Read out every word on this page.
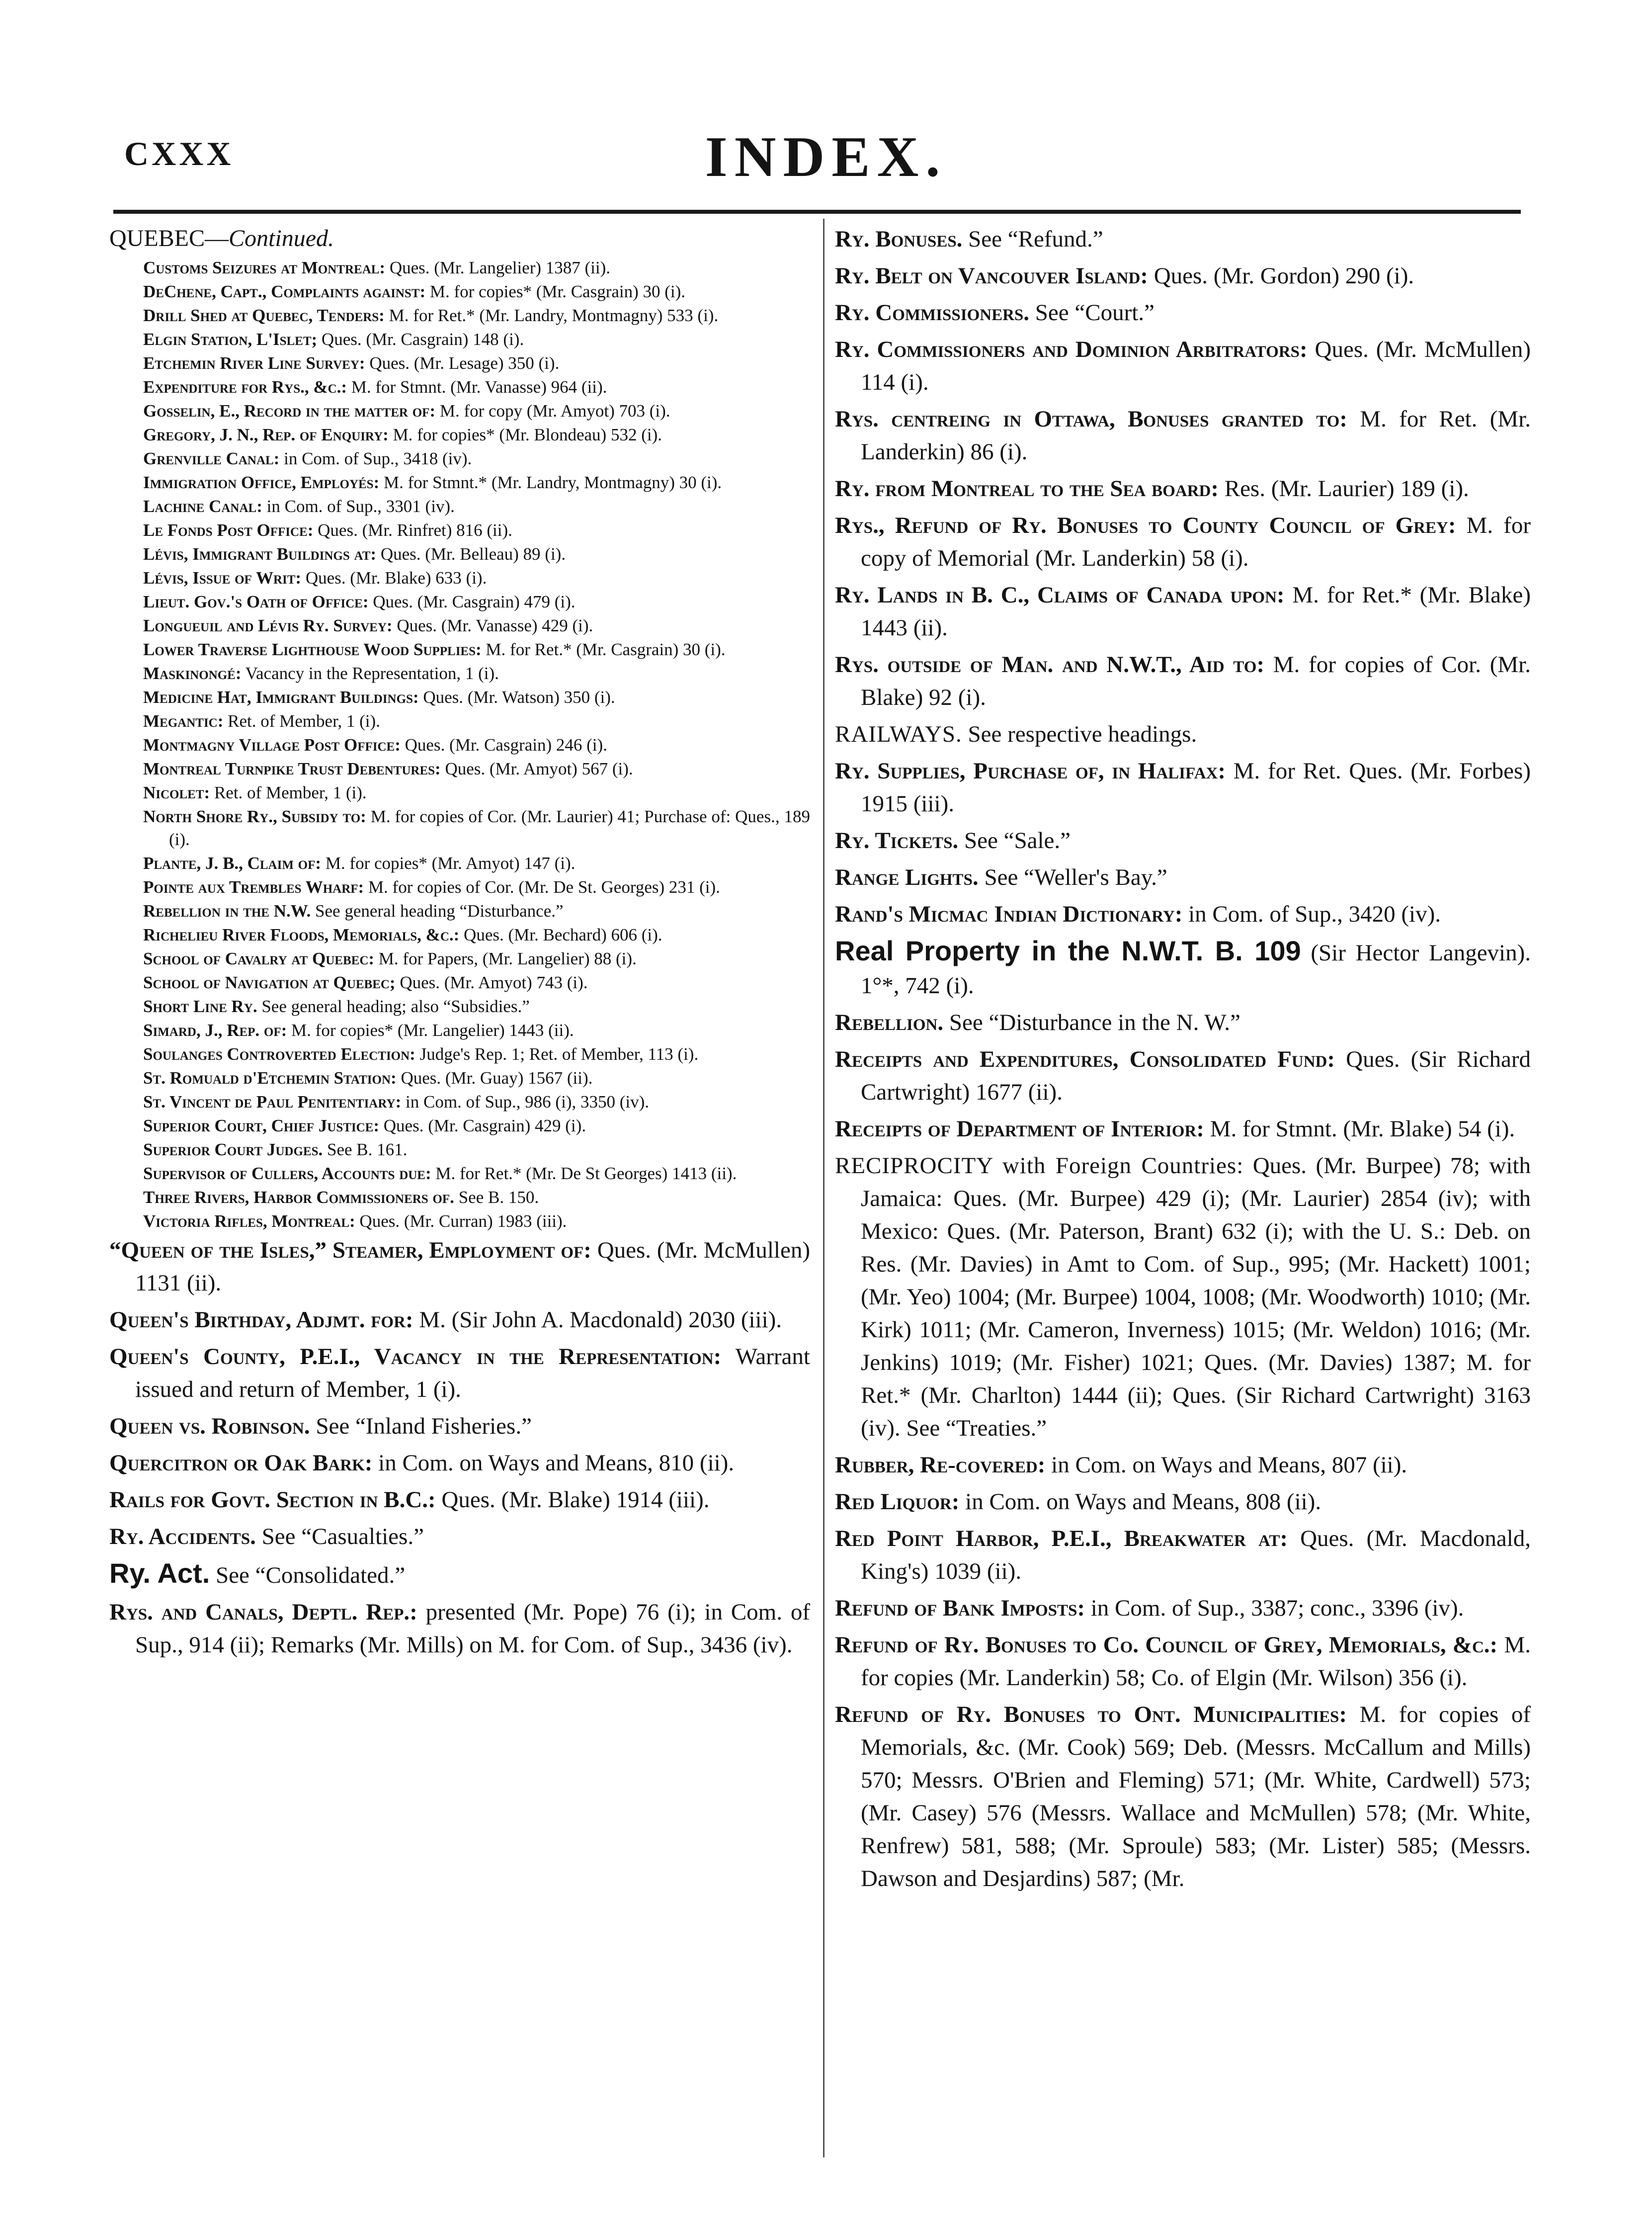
CXXX	INDEX.
QUEBEC—Continued.
Customs Seizures at Montreal: Ques. (Mr. Langelier) 1387 (ii).
DeChene, Capt., Complaints against: M. for copies* (Mr. Casgrain) 30 (i).
Drill Shed at Quebec, Tenders: M. for Ret.* (Mr. Landry, Montmagny) 533 (i).
Elgin Station, L'Islet; Ques. (Mr. Casgrain) 148 (i).
Etchemin River Line Survey: Ques. (Mr. Lesage) 350 (i).
Expenditure for Rys., &c.: M. for Stmnt. (Mr. Vanasse) 964 (ii).
Gosselin, E., Record in the matter of: M. for copy (Mr. Amyot) 703 (i).
Gregory, J. N., Rep. of Enquiry: M. for copies* (Mr. Blondeau) 532 (i).
Grenville Canal: in Com. of Sup., 3418 (iv).
Immigration Office, Employés: M. for Stmnt.* (Mr. Landry, Montmagny) 30 (i).
Lachine Canal: in Com. of Sup., 3301 (iv).
Le Fonds Post Office: Ques. (Mr. Rinfret) 816 (ii).
Lévis, Immigrant Buildings at: Ques. (Mr. Belleau) 89 (i).
Lévis, Issue of Writ: Ques. (Mr. Blake) 633 (i).
Lieut. Gov.'s Oath of Office: Ques. (Mr. Casgrain) 479 (i).
Longueuil and Lévis Ry. Survey: Ques. (Mr. Vanasse) 429 (i).
Lower Traverse Lighthouse Wood Supplies: M. for Ret.* (Mr. Casgrain) 30 (i).
Maskinongé: Vacancy in the Representation, 1 (i).
Medicine Hat, Immigrant Buildings: Ques. (Mr. Watson) 350 (i).
Megantic: Ret. of Member, 1 (i).
Montmagny Village Post Office: Ques. (Mr. Casgrain) 246 (i).
Montreal Turnpike Trust Debentures: Ques. (Mr. Amyot) 567 (i).
Nicolet: Ret. of Member, 1 (i).
North Shore Ry., Subsidy to: M. for copies of Cor. (Mr. Laurier) 41; Purchase of: Ques., 189 (i).
Plante, J. B., Claim of: M. for copies* (Mr. Amyot) 147 (i).
Pointe aux Trembles Wharf: M. for copies of Cor. (Mr. De St. Georges) 231 (i).
Rebellion in the N.W. See general heading “Disturbance.”
Richelieu River Floods, Memorials, &c.: Ques. (Mr. Bechard) 606 (i).
School of Cavalry at Quebec: M. for Papers, (Mr. Langelier) 88 (i).
School of Navigation at Quebec; Ques. (Mr. Amyot) 743 (i).
Short Line Ry. See general heading; also “Subsidies.”
Simard, J., Rep. of: M. for copies* (Mr. Langelier) 1443 (ii).
Soulanges Controverted Election: Judge's Rep. 1; Ret. of Member, 113 (i).
St. Romuald d'Etchemin Station: Ques. (Mr. Guay) 1567 (ii).
St. Vincent de Paul Penitentiary: in Com. of Sup., 986 (i), 3350 (iv).
Superior Court, Chief Justice: Ques. (Mr. Casgrain) 429 (i).
Superior Court Judges. See B. 161.
Supervisor of Cullers, Accounts due: M. for Ret.* (Mr. De St Georges) 1413 (ii).
Three Rivers, Harbor Commissioners of. See B. 150.
Victoria Rifles, Montreal: Ques. (Mr. Curran) 1983 (iii).
“Queen of the Isles,” Steamer, Employment of: Ques. (Mr. McMullen) 1131 (ii).
Queen's Birthday, Adjmt. for: M. (Sir John A. Macdonald) 2030 (iii).
Queen's County, P.E.I., Vacancy in the Representation: Warrant issued and return of Member, 1 (i).
Queen vs. Robinson. See “Inland Fisheries.”
Quercitron or Oak Bark: in Com. on Ways and Means, 810 (ii).
Rails for Govt. Section in B.C.: Ques. (Mr. Blake) 1914 (iii).
Ry. Accidents. See “Casualties.”
Ry. Act. See “Consolidated.”
Rys. and Canals, Deptl. Rep.: presented (Mr. Pope) 76 (i); in Com. of Sup., 914 (ii); Remarks (Mr. Mills) on M. for Com. of Sup., 3436 (iv).
Ry. Bonuses. See “Refund.”
Ry. Belt on Vancouver Island: Ques. (Mr. Gordon) 290 (i).
Ry. Commissioners. See “Court.”
Ry. Commissioners and Dominion Arbitrators: Ques. (Mr. McMullen) 114 (i).
Rys. centreing in Ottawa, Bonuses granted to: M. for Ret. (Mr. Landerkin) 86 (i).
Ry. from Montreal to the Sea board: Res. (Mr. Laurier) 189 (i).
Rys., Refund of Ry. Bonuses to County Council of Grey: M. for copy of Memorial (Mr. Landerkin) 58 (i).
Ry. Lands in B. C., Claims of Canada upon: M. for Ret.* (Mr. Blake) 1443 (ii).
Rys. outside of Man. and N.W.T., Aid to: M. for copies of Cor. (Mr. Blake) 92 (i).
RAILWAYS. See respective headings.
Ry. Supplies, Purchase of, in Halifax: M. for Ret. Ques. (Mr. Forbes) 1915 (iii).
Ry. Tickets. See “Sale.”
Range Lights. See “Weller's Bay.”
Rand's Micmac Indian Dictionary: in Com. of Sup., 3420 (iv).
Real Property in the N.W.T. B. 109 (Sir Hector Langevin). 1°*, 742 (i).
Rebellion. See “Disturbance in the N. W.”
Receipts and Expenditures, Consolidated Fund: Ques. (Sir Richard Cartwright) 1677 (ii).
Receipts of Department of Interior: M. for Stmnt. (Mr. Blake) 54 (i).
RECIPROCITY with Foreign Countries: Ques. (Mr. Burpee) 78; with Jamaica: Ques. (Mr. Burpee) 429 (i); (Mr. Laurier) 2854 (iv); with Mexico: Ques. (Mr. Paterson, Brant) 632 (i); with the U. S.: Deb. on Res. (Mr. Davies) in Amt to Com. of Sup., 995; (Mr. Hackett) 1001; (Mr. Yeo) 1004; (Mr. Burpee) 1004, 1008; (Mr. Woodworth) 1010; (Mr. Kirk) 1011; (Mr. Cameron, Inverness) 1015; (Mr. Weldon) 1016; (Mr. Jenkins) 1019; (Mr. Fisher) 1021; Ques. (Mr. Davies) 1387; M. for Ret.* (Mr. Charlton) 1444 (ii); Ques. (Sir Richard Cartwright) 3163 (iv). See “Treaties.”
Rubber, Re-covered: in Com. on Ways and Means, 807 (ii).
Red Liquor: in Com. on Ways and Means, 808 (ii).
Red Point Harbor, P.E.I., Breakwater at: Ques. (Mr. Macdonald, King's) 1039 (ii).
Refund of Bank Imposts: in Com. of Sup., 3387; conc., 3396 (iv).
Refund of Ry. Bonuses to Co. Council of Grey, Memorials, &c.: M. for copies (Mr. Landerkin) 58; Co. of Elgin (Mr. Wilson) 356 (i).
Refund of Ry. Bonuses to Ont. Municipalities: M. for copies of Memorials, &c. (Mr. Cook) 569; Deb. (Messrs. McCallum and Mills) 570; Messrs. O'Brien and Fleming) 571; (Mr. White, Cardwell) 573; (Mr. Casey) 576 (Messrs. Wallace and McMullen) 578; (Mr. White, Renfrew) 581, 588; (Mr. Sproule) 583; (Mr. Lister) 585; (Messrs. Dawson and Desjardins) 587; (Mr.
